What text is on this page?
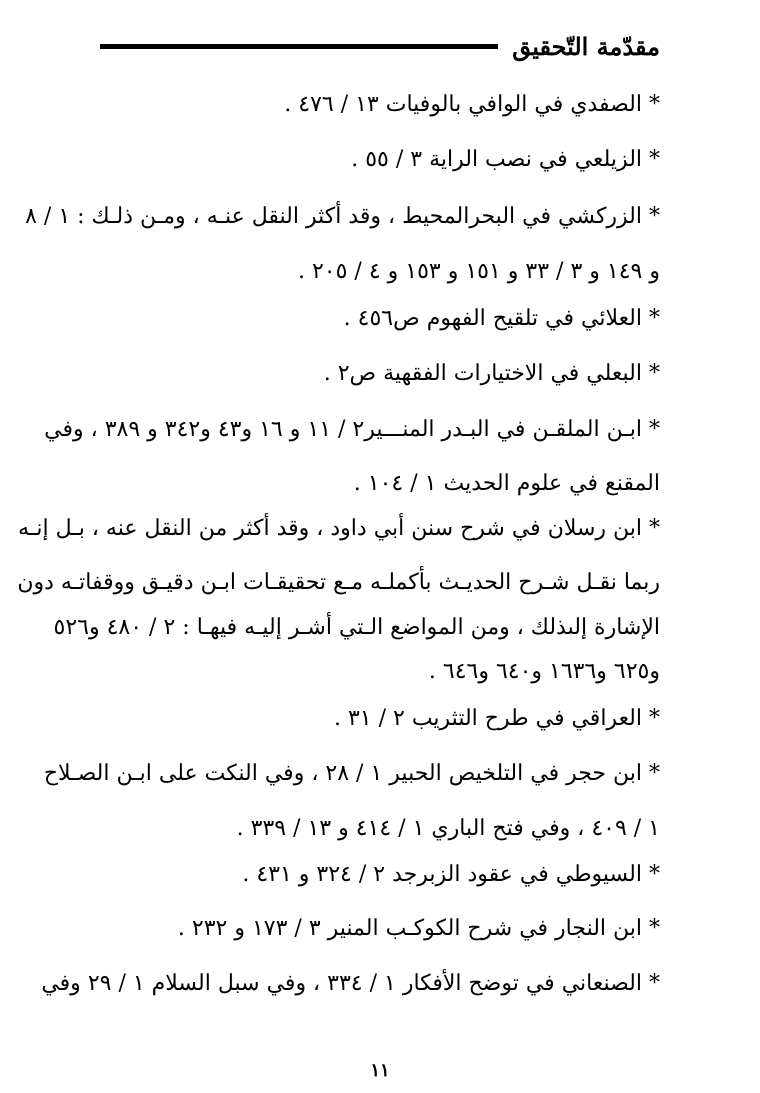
مقدّمة التّحقيق
* الصفدي في الوافي بالوفيات ١٣ / ٤٧٦ .
* الزيلعي في نصب الراية ٣ / ٥٥ .
* الزركشي في البحرالمحيط ، وقد أكثر النقل عنـه ، ومـن ذلـك : ١ / ٨
و ١٤٩ و ٣ / ٣٣ و ١٥١ و ١٥٣ و ٤ / ٢٠٥ .
* العلائي في تلقيح الفهوم ص٤٥٦ .
* البعلي في الاختيارات الفقهية ص٢ .
* ابـن الملقـن في البـدر المنـــير٢ / ١١ و ١٦ و٤٣ و٣٤٢ و ٣٨٩ ، وفي
المقنع في علوم الحديث ١ / ١٠٤ .
* ابن رسلان في شرح سنن أبي داود ، وقد أكثر من النقل عنه ، بـل إنـه
ربما نقـل شـرح الحديـث بأكملـه مـع تحقيقـات ابـن دقيـق ووقفاتـه دون
الإشارة إلىذلك ، ومن المواضع الـتي أشـر إليـه فيهـا : ٢ / ٤٨٠ و٥٢٦
و٦٢٥ و١٦٣٦ و٦٤٠ و٦٤٦ .
* العراقي في طرح التثريب ٢ / ٣١ .
* ابن حجر في التلخيص الحبير ١ / ٢٨ ، وفي النكت على ابـن الصـلاح
١ / ٤٠٩ ، وفي فتح الباري ١ / ٤١٤ و ١٣ / ٣٣٩ .
* السيوطي في عقود الزبرجد ٢ / ٣٢٤ و ٤٣١ .
* ابن النجار في شرح الكوكـب المنير ٣ / ١٧٣ و ٢٣٢ .
* الصنعاني في توضح الأفكار ١ / ٣٣٤ ، وفي سبل السلام ١ / ٢٩ وفي
١١
